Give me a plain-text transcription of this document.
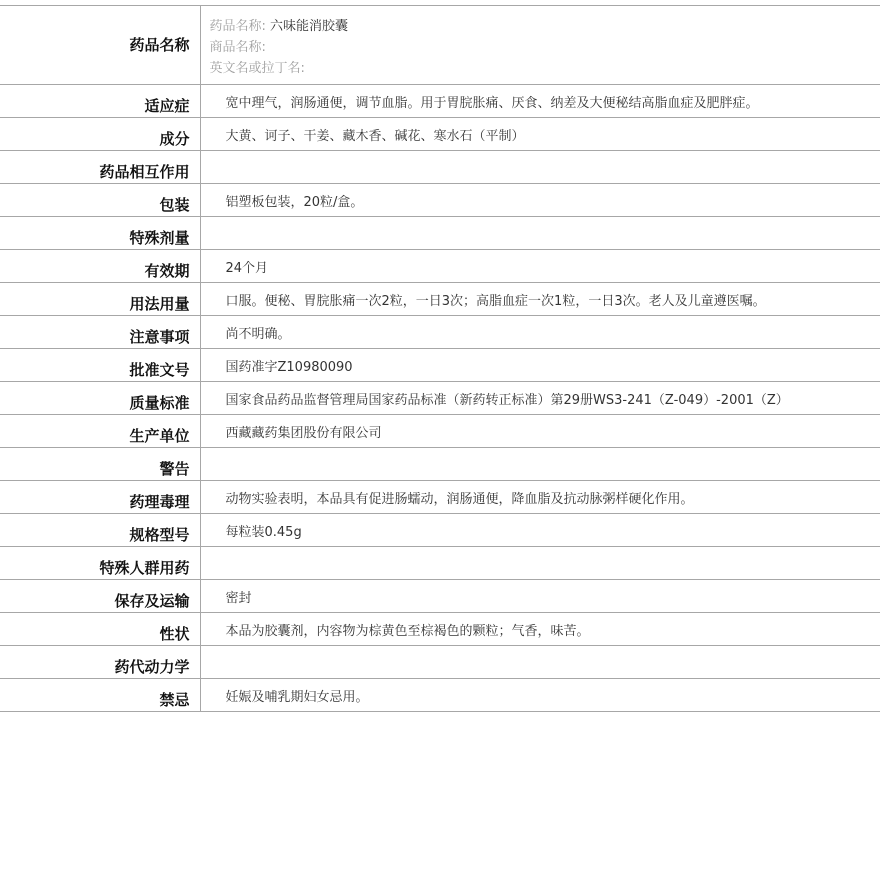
药品名称	药品名称: 六味能消胶囊
商品名称:
英文名或拉丁名:

适应症	宽中理气，润肠通便，调节血脂。用于胃脘胀痛、厌食、纳差及大便秘结高脂血症及肥胖症。
成分	大黄、诃子、干姜、藏木香、碱花、寒水石（平制）
药品相互作用	
包装	铝塑板包装，20粒/盒。
特殊剂量	
有效期	24个月
用法用量	口服。便秘、胃脘胀痛一次2粒，一日3次；高脂血症一次1粒，一日3次。老人及儿童遵医嘱。
注意事项	尚不明确。
批准文号	国药准字Z10980090
质量标准	国家食品药品监督管理局国家药品标准（新药转正标准）第29册WS3-241（Z-049）-2001（Z）
生产单位	西藏藏药集团股份有限公司
警告	
药理毒理	动物实验表明，本品具有促进肠蠕动，润肠通便，降血脂及抗动脉粥样硬化作用。
规格型号	每粒装0.45g
特殊人群用药	
保存及运输	密封
性状	本品为胶囊剂，内容物为棕黄色至棕褐色的颗粒；气香，味苦。
药代动力学	
禁忌	妊娠及哺乳期妇女忌用。
